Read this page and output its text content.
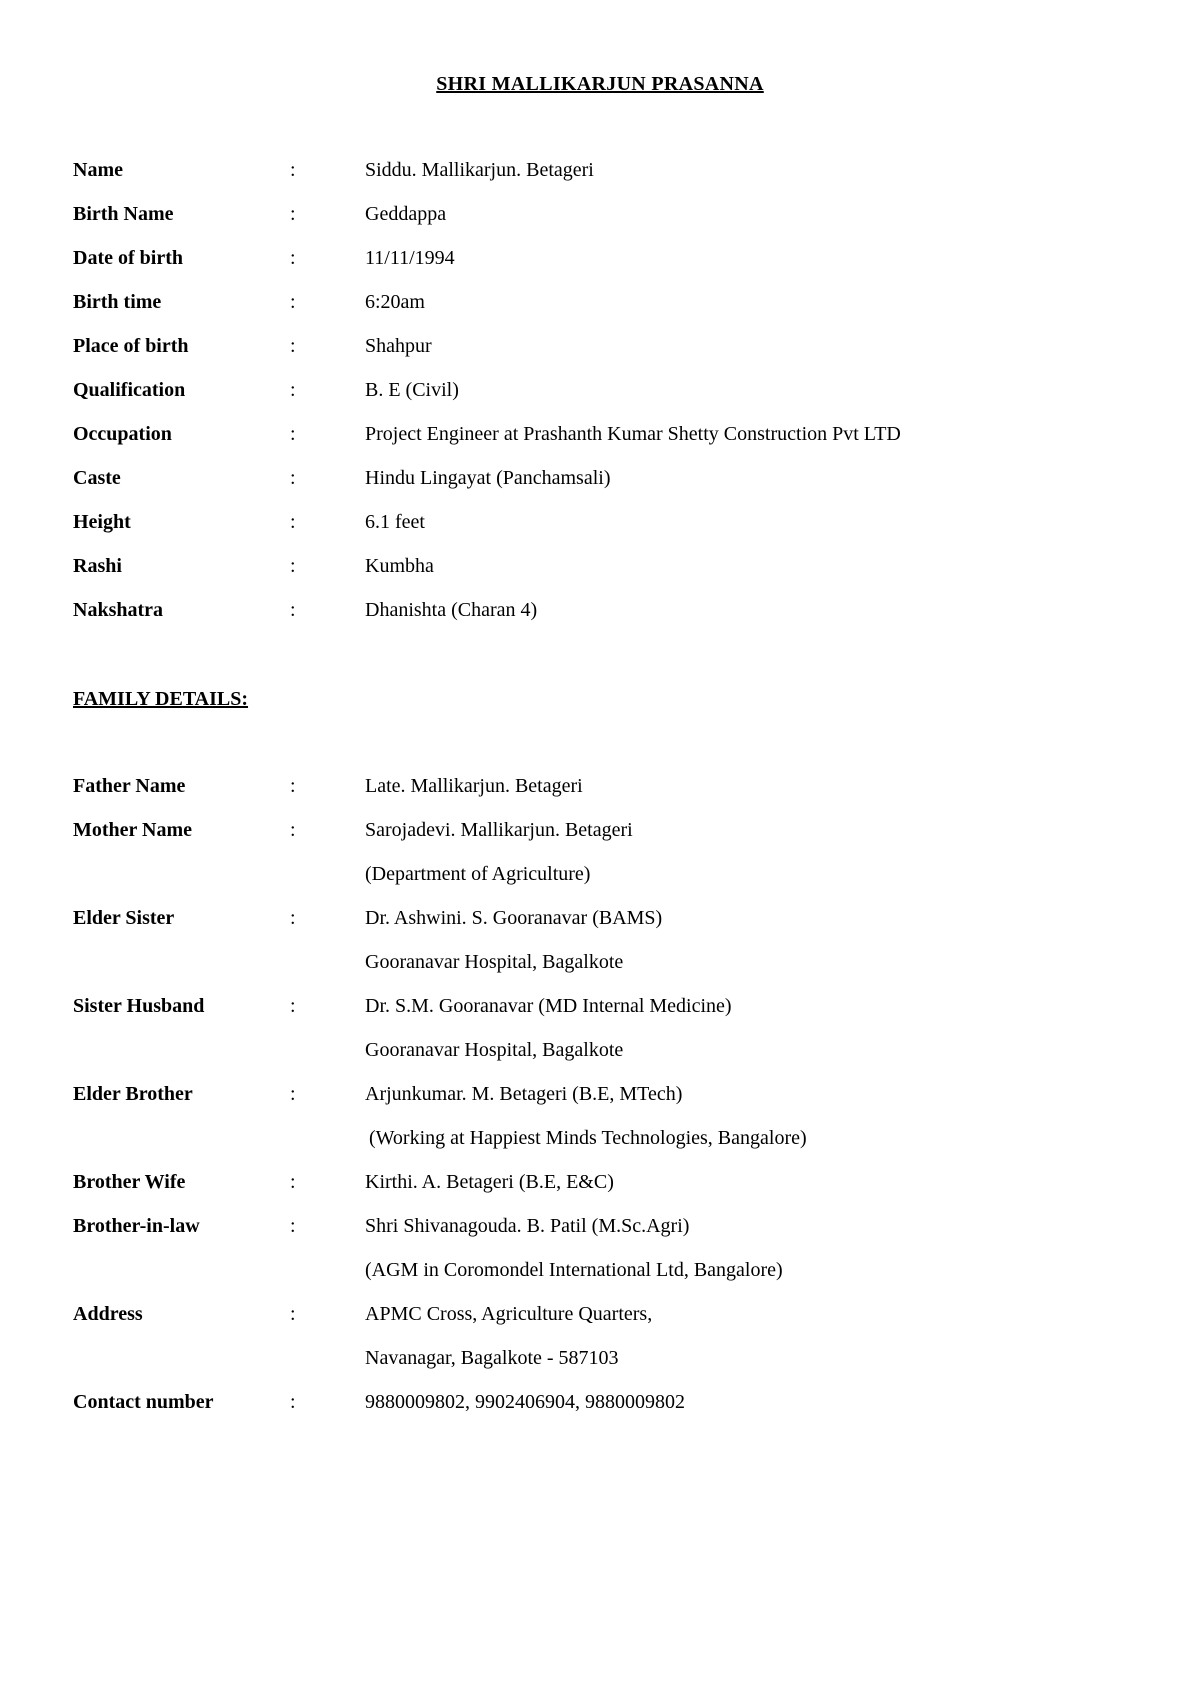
SHRI MALLIKARJUN PRASANNA
Name	:	Siddu. Mallikarjun. Betageri
Birth Name	:	Geddappa
Date of birth	:	11/11/1994
Birth time	:	6:20am
Place of birth	:	Shahpur
Qualification	:	B. E (Civil)
Occupation	:	Project Engineer at Prashanth Kumar Shetty Construction Pvt LTD
Caste	:	Hindu Lingayat (Panchamsali)
Height	:	6.1 feet
Rashi	:	Kumbha
Nakshatra	:	Dhanishta (Charan 4)
FAMILY DETAILS:
Father Name	:	Late. Mallikarjun. Betageri
Mother Name	:	Sarojadevi. Mallikarjun. Betageri
(Department of Agriculture)
Elder Sister	:	Dr. Ashwini. S. Gooranavar (BAMS)
Gooranavar Hospital, Bagalkote
Sister Husband	:	Dr. S.M. Gooranavar (MD Internal Medicine)
Gooranavar Hospital, Bagalkote
Elder Brother	:	Arjunkumar. M. Betageri (B.E, MTech)
(Working at Happiest Minds Technologies, Bangalore)
Brother Wife	:	Kirthi. A. Betageri (B.E, E&C)
Brother-in-law	:	Shri Shivanagouda. B. Patil (M.Sc.Agri)
(AGM in Coromondel International Ltd, Bangalore)
Address	:	APMC Cross, Agriculture Quarters,
Navanagar, Bagalkote - 587103
Contact number	:	9880009802, 9902406904, 9880009802
